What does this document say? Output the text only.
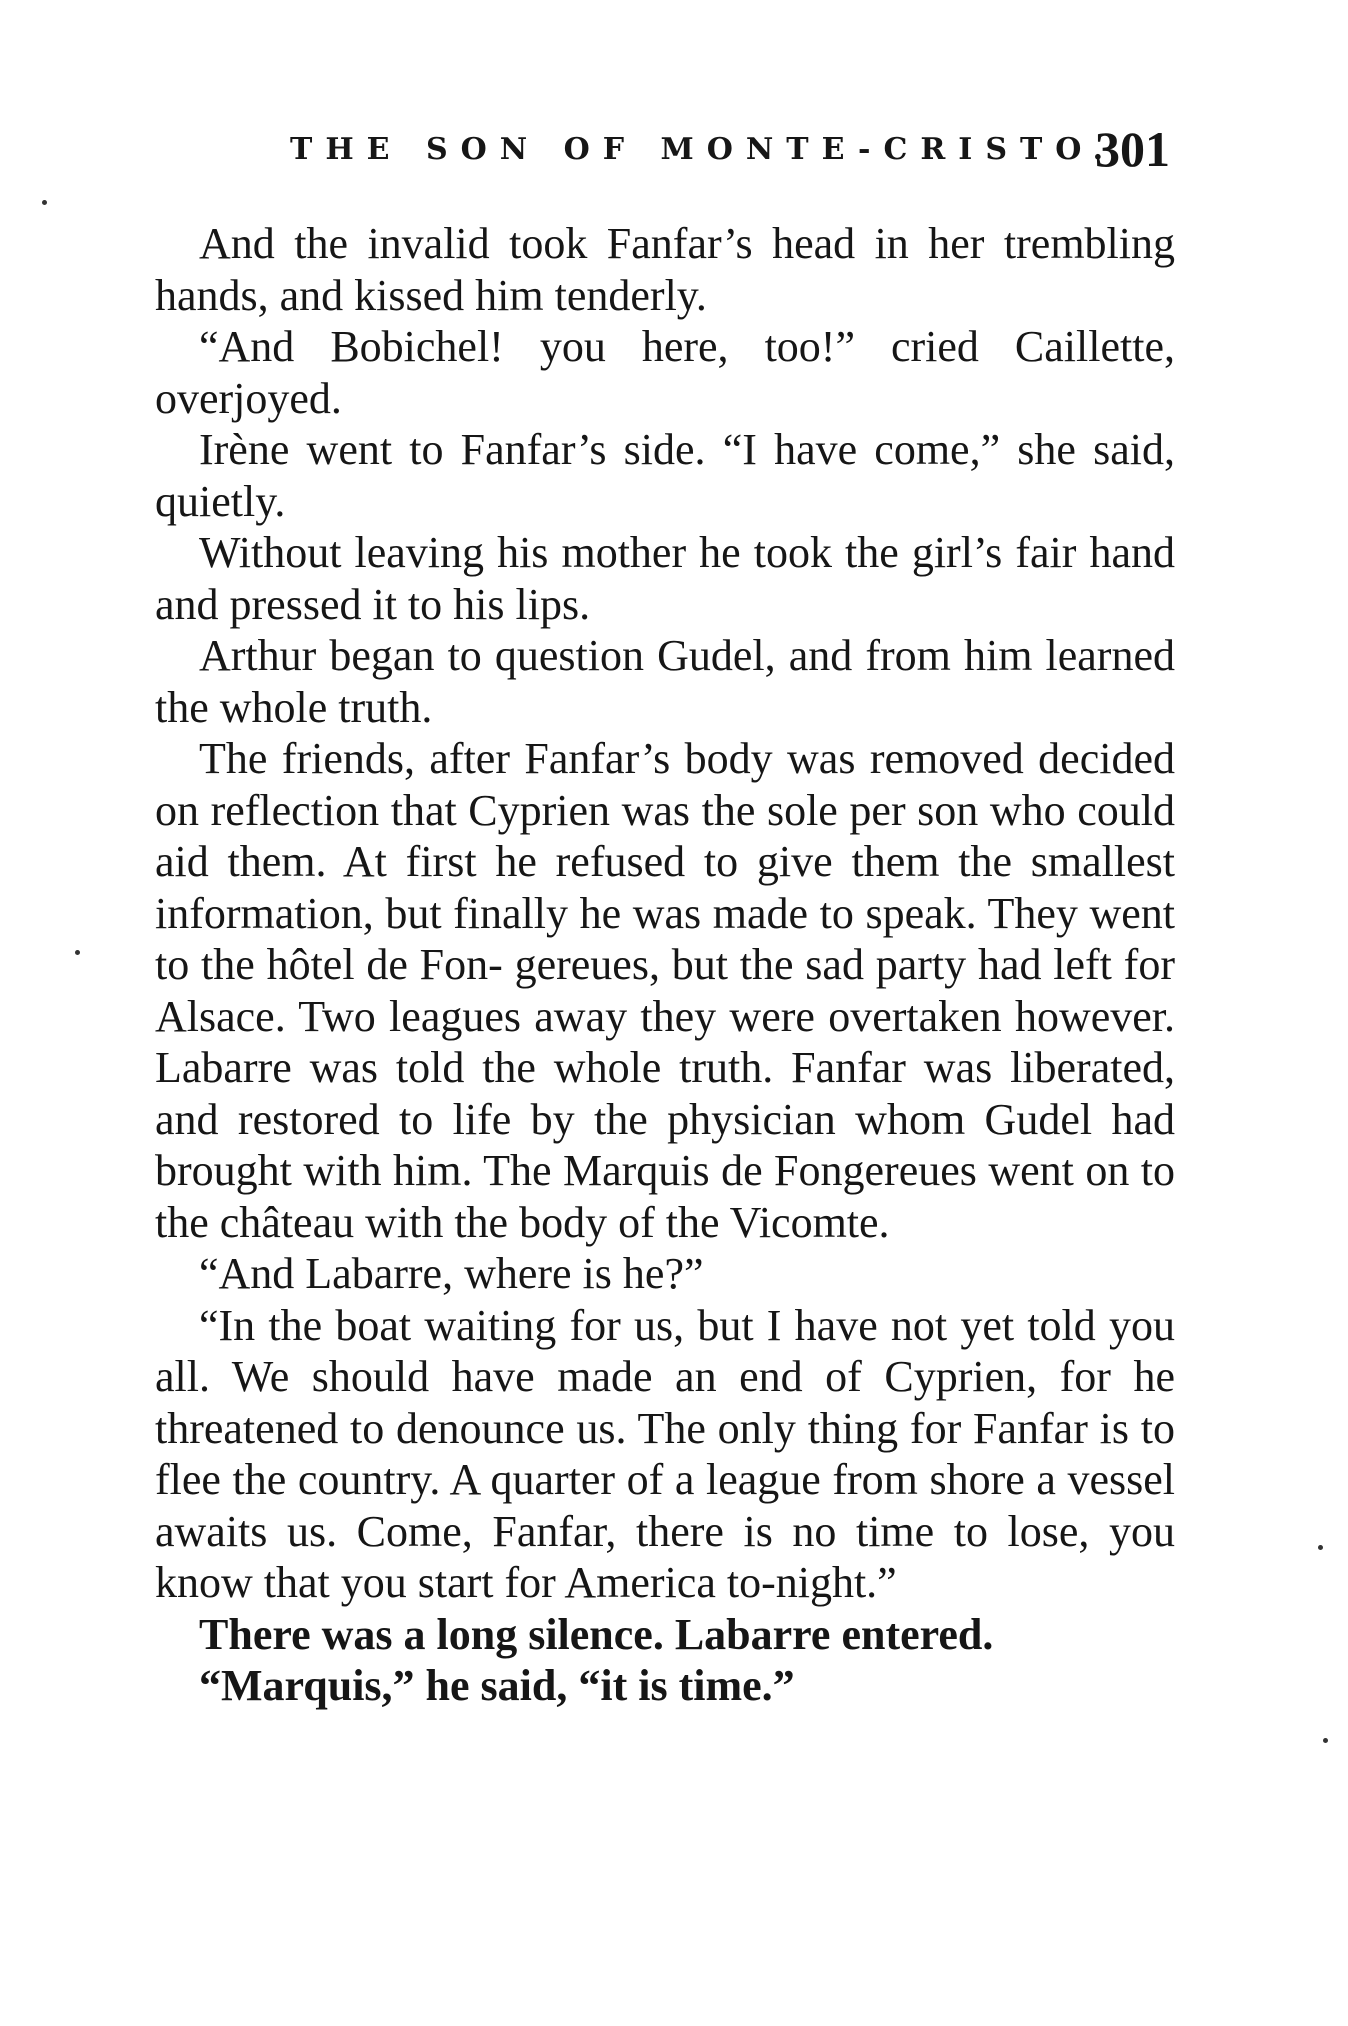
THE SON OF MONTE-CRISTO.
301

And the invalid took Fanfar’s head in her trembling hands, and kissed him tenderly.

“And Bobichel! you here, too!” cried Caillette, overjoyed.

Irène went to Fanfar’s side. “I have come,” she said, quietly.

Without leaving his mother he took the girl’s fair hand and pressed it to his lips.

Arthur began to question Gudel, and from him learned the whole truth.

The friends, after Fanfar’s body was removed decided on reflection that Cyprien was the sole per son who could aid them. At first he refused to give them the smallest information, but finally he was made to speak. They went to the hôtel de Fon- gereues, but the sad party had left for Alsace. Two leagues away they were overtaken however. Labarre was told the whole truth. Fanfar was liberated, and restored to life by the physician whom Gudel had brought with him. The Marquis de Fongereues went on to the château with the body of the Vicomte.

“And Labarre, where is he?”

“In the boat waiting for us, but I have not yet told you all. We should have made an end of Cyprien, for he threatened to denounce us. The only thing for Fanfar is to flee the country. A quarter of a league from shore a vessel awaits us. Come, Fanfar, there is no time to lose, you know that you start for America to-night.”

There was a long silence. Labarre entered.

“Marquis,” he said, “it is time.”
